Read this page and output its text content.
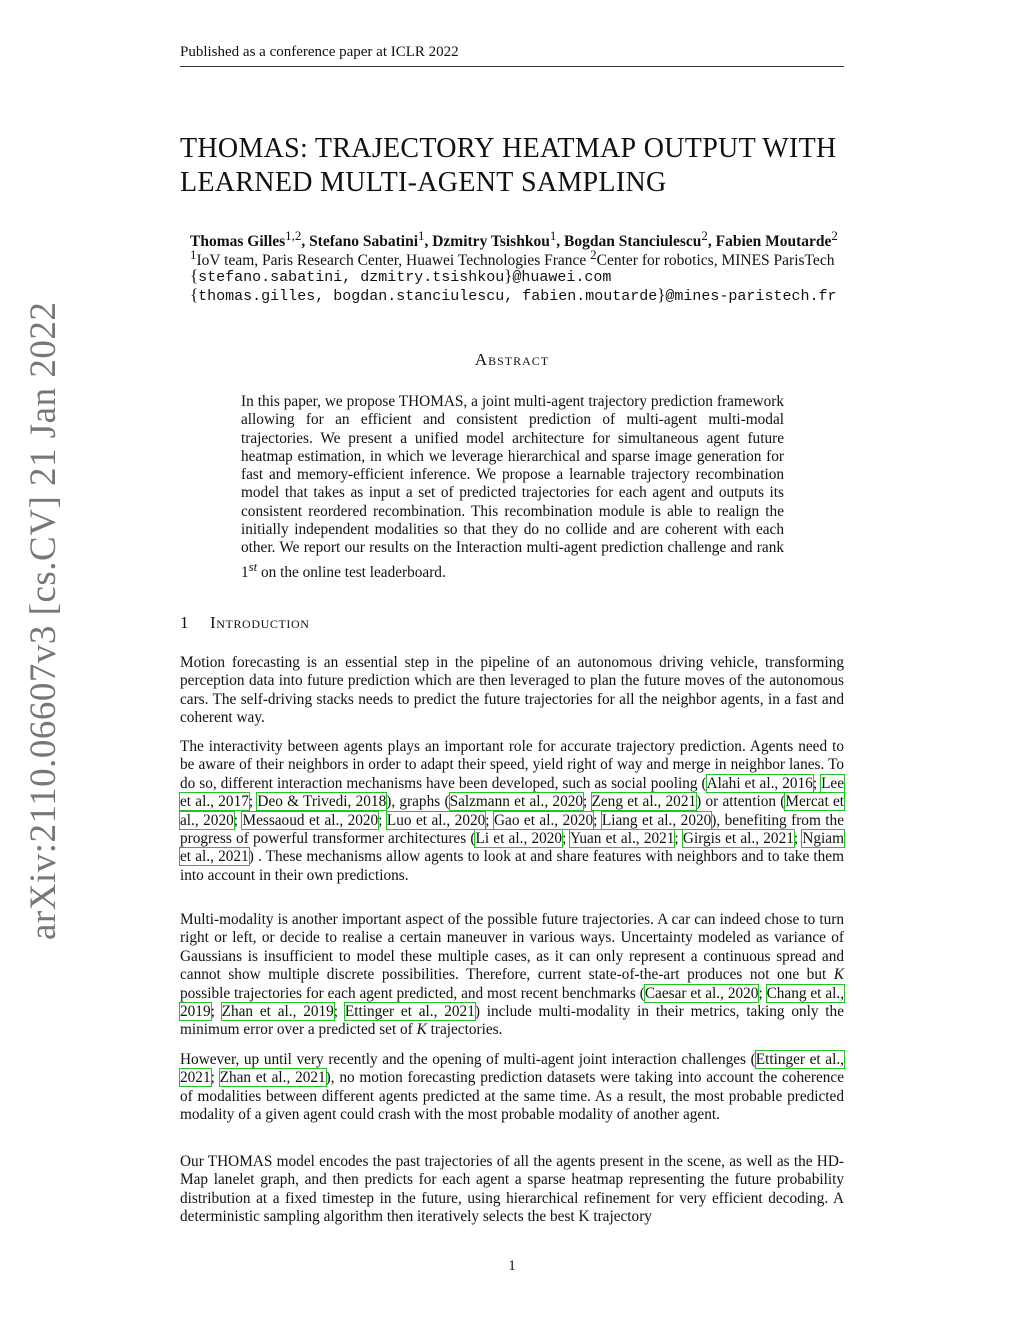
Published as a conference paper at ICLR 2022
THOMAS: TRAJECTORY HEATMAP OUTPUT WITH
LEARNED MULTI-AGENT SAMPLING
Thomas Gilles$^{1,2}$, Stefano Sabatini$^1$, Dzmitry Tsishkou$^1$, Bogdan Stanciulescu$^2$, Fabien Moutarde$^2$
$^1$IoV team, Paris Research Center, Huawei Technologies France $^2$Center for robotics, MINES ParisTech
{stefano.sabatini, dzmitry.tsishkou}@huawei.com
{thomas.gilles, bogdan.stanciulescu, fabien.moutarde}@mines-paristech.fr
Abstract
In this paper, we propose THOMAS, a joint multi-agent trajectory prediction framework allowing for an efficient and consistent prediction of multi-agent multi-modal trajectories. We present a unified model architecture for simultaneous agent future heatmap estimation, in which we leverage hierarchical and sparse image generation for fast and memory-efficient inference. We propose a learnable trajectory recombination model that takes as input a set of predicted trajectories for each agent and outputs its consistent reordered recombination. This recombination module is able to realign the initially independent modalities so that they do no collide and are coherent with each other. We report our results on the Interaction multi-agent prediction challenge and rank 1st on the online test leaderboard.
1 Introduction

Motion forecasting is an essential step in the pipeline of an autonomous driving vehicle, transforming perception data into future prediction which are then leveraged to plan the future moves of the autonomous cars. The self-driving stacks needs to predict the future trajectories for all the neighbor agents, in a fast and coherent way.

The interactivity between agents plays an important role for accurate trajectory prediction. Agents need to be aware of their neighbors in order to adapt their speed, yield right of way and merge in neighbor lanes. To do so, different interaction mechanisms have been developed, such as social pooling (Alahi et al., 2016; Lee et al., 2017; Deo & Trivedi, 2018), graphs (Salzmann et al., 2020; Zeng et al., 2021) or attention (Mercat et al., 2020; Messaoud et al., 2020; Luo et al., 2020; Gao et al., 2020; Liang et al., 2020), benefiting from the progress of powerful transformer architectures (Li et al., 2020; Yuan et al., 2021; Girgis et al., 2021; Ngiam et al., 2021) . These mechanisms allow agents to look at and share features with neighbors and to take them into account in their own predictions.

Multi-modality is another important aspect of the possible future trajectories. A car can indeed chose to turn right or left, or decide to realise a certain maneuver in various ways. Uncertainty modeled as variance of Gaussians is insufficient to model these multiple cases, as it can only represent a continuous spread and cannot show multiple discrete possibilities. Therefore, current state-of-the-art produces not one but K possible trajectories for each agent predicted, and most recent benchmarks (Caesar et al., 2020; Chang et al., 2019; Zhan et al., 2019; Ettinger et al., 2021) include multi-modality in their metrics, taking only the minimum error over a predicted set of K trajectories.

However, up until very recently and the opening of multi-agent joint interaction challenges (Ettinger et al., 2021; Zhan et al., 2021), no motion forecasting prediction datasets were taking into account the coherence of modalities between different agents predicted at the same time. As a result, the most probable predicted modality of a given agent could crash with the most probable modality of another agent.

Our THOMAS model encodes the past trajectories of all the agents present in the scene, as well as the HD-Map lanelet graph, and then predicts for each agent a sparse heatmap representing the future probability distribution at a fixed timestep in the future, using hierarchical refinement for very efficient decoding. A deterministic sampling algorithm then iteratively selects the best K trajectory

1
arXiv:2110.06607v3 [cs.CV] 21 Jan 2022
